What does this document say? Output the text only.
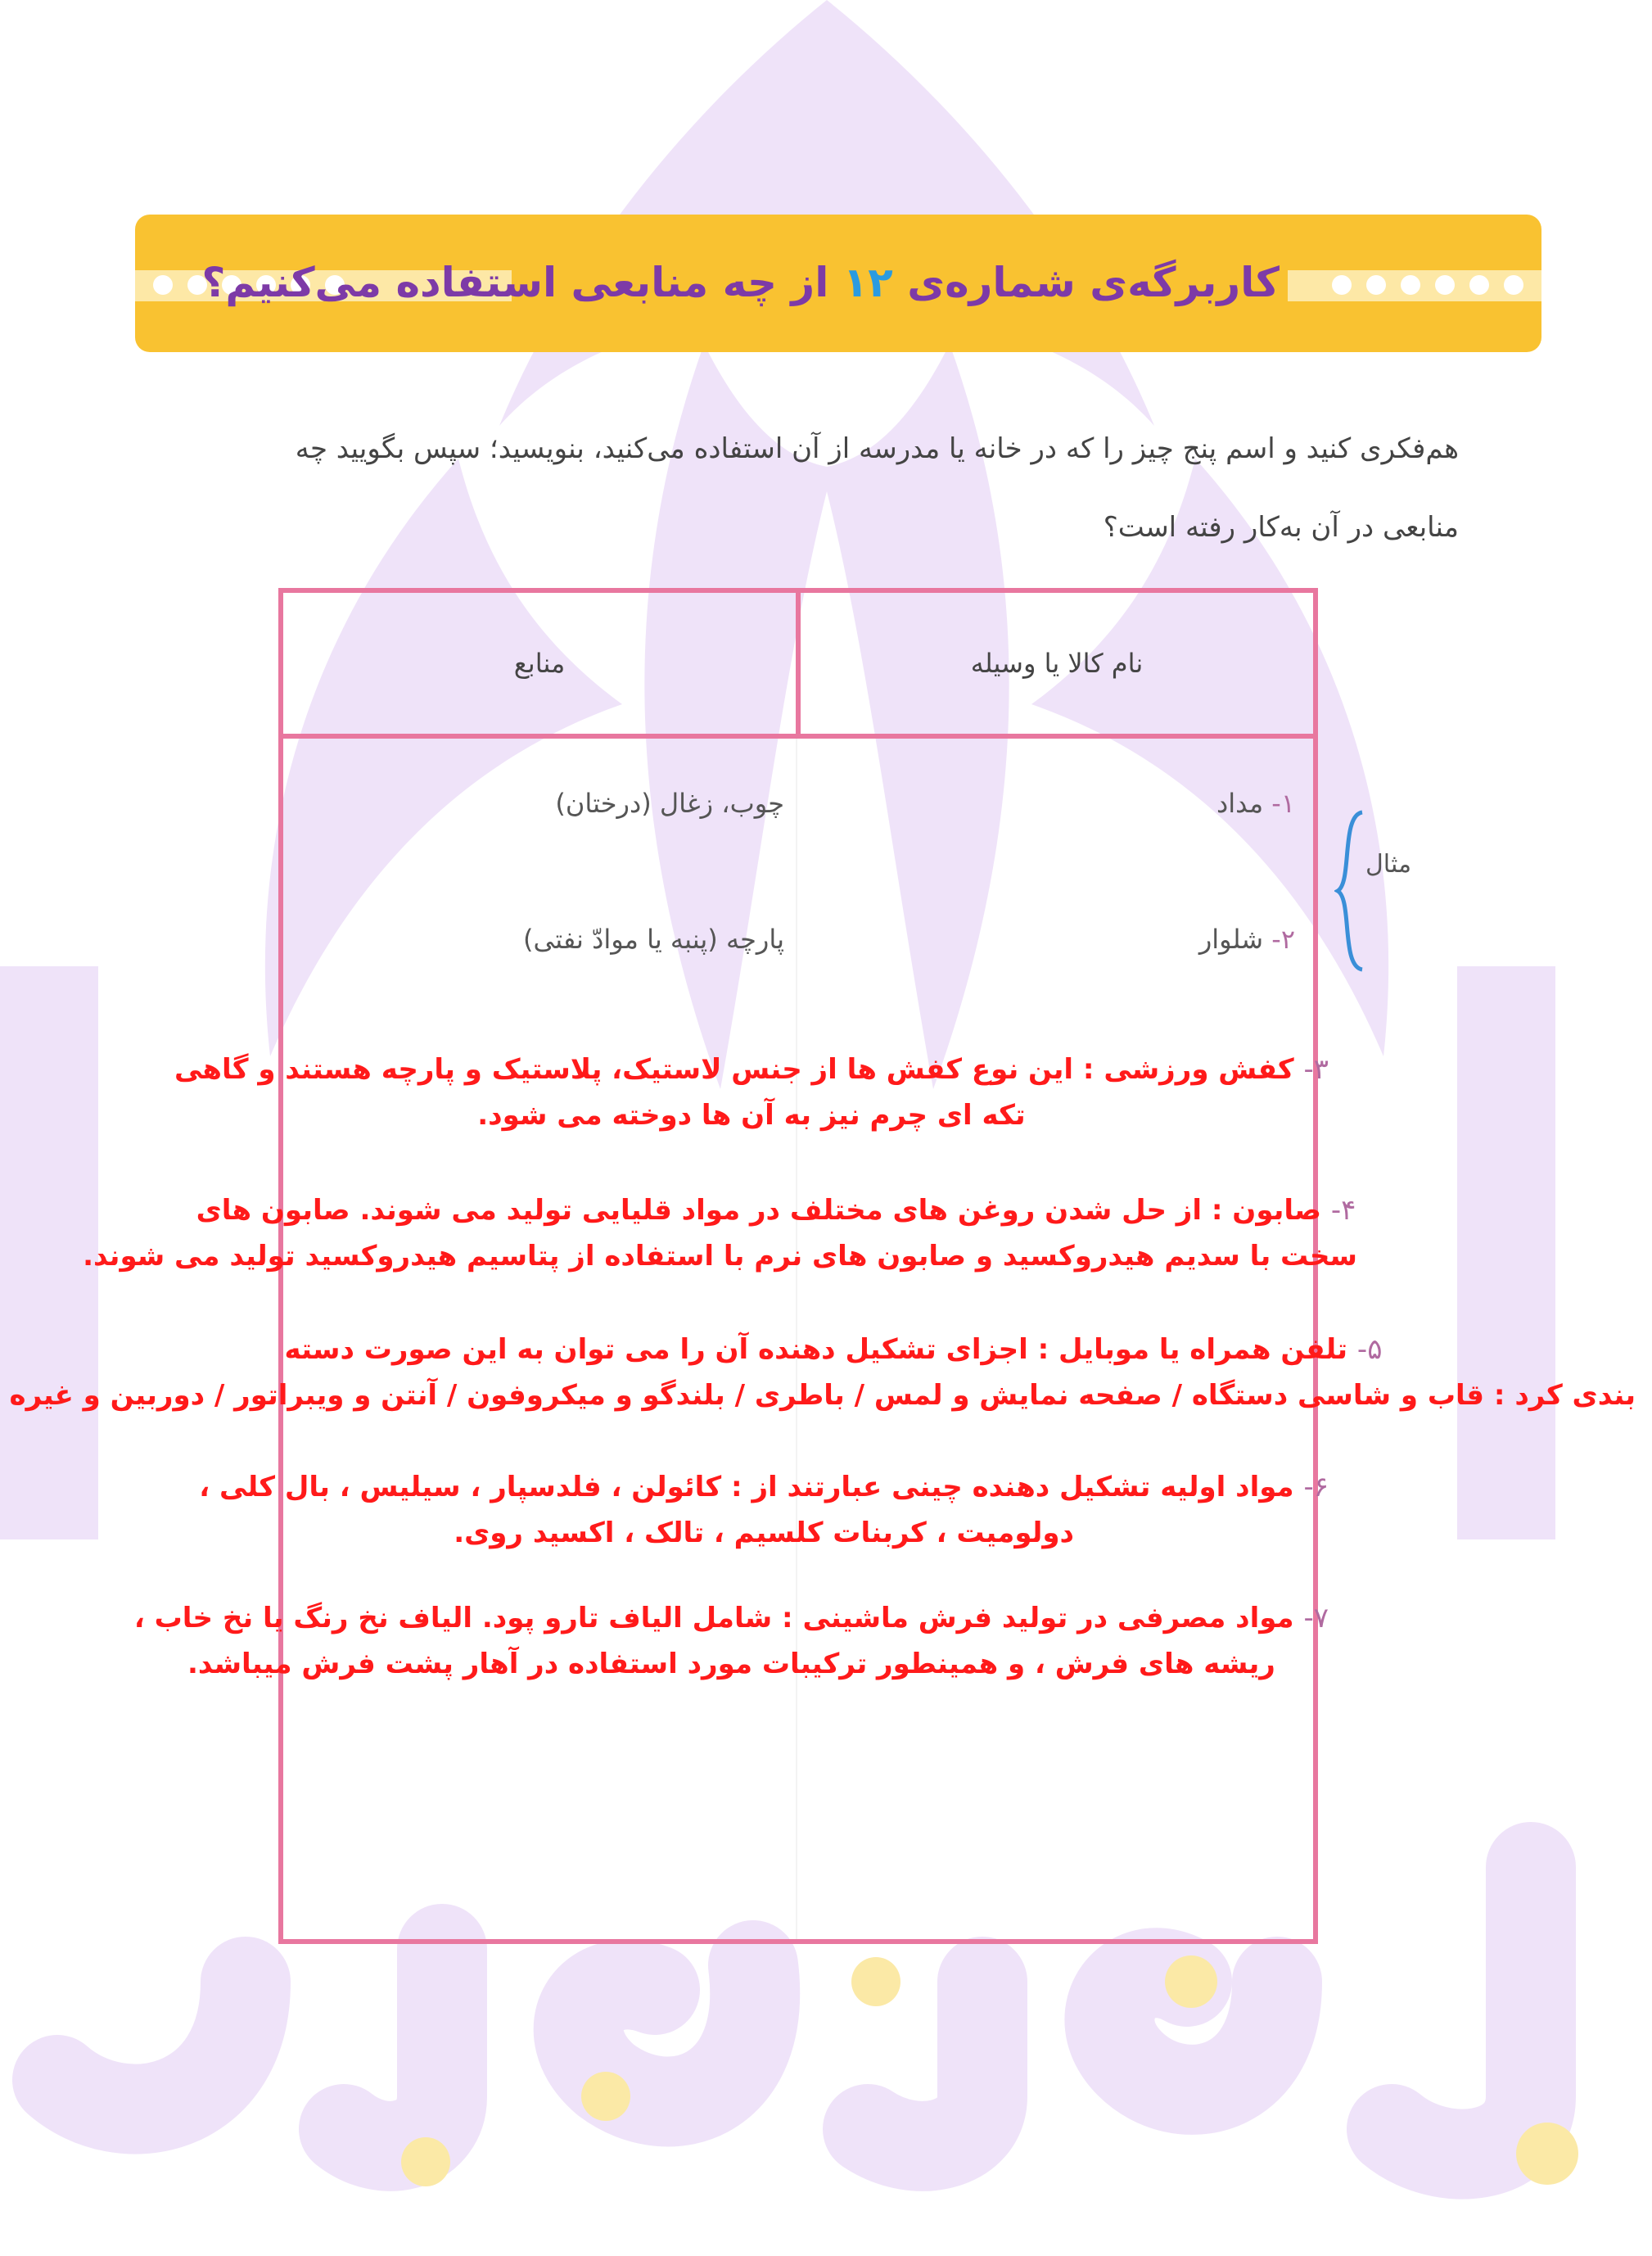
کاربرگه‌ی شماره‌ی ۱۲ از چه منابعی استفاده می‌کنیم؟
هم‌فکری کنید و اسم پنج چیز را که در خانه یا مدرسه از آن استفاده می‌کنید، بنویسید؛ سپس بگویید چه
منابعی در آن به‌کار رفته است؟
منابع	نام کالا یا وسیله
۱- مداد
چوب، زغال (درختان)
۲- شلوار
پارچه (پنبه یا موادّ نفتی)
مثال
۳- کفش ورزشی : این نوع کفش ها از جنس لاستیک، پلاستیک و پارچه هستند و گاهی
تکه ای چرم نیز به آن ها دوخته می شود.
۴- صابون : از حل شدن روغن های مختلف در مواد قلیایی تولید می شوند. صابون های
سخت با سدیم هیدروکسید و صابون های نرم با استفاده از پتاسیم هیدروکسید تولید می شوند.
۵- تلفن همراه یا موبایل : اجزای تشکیل دهنده آن را می توان به این صورت دسته
بندی کرد : قاب و شاسی دستگاه / صفحه نمایش و لمس / باطری / بلندگو و میکروفون / آنتن و ویبراتور / دوربین و غیره
۶- مواد اولیه تشکیل دهنده چینی عبارتند از : کائولن ، فلدسپار ، سیلیس ، بال کلی ،
دولومیت ، کربنات کلسیم ، تالک ، اکسید روی.
۷- مواد مصرفی در تولید فرش ماشینی : شامل الیاف تارو پود. الیاف نخ رنگ یا نخ خاب ،
ریشه های فرش ، و همینطور ترکیبات مورد استفاده در آهار پشت فرش میباشد.
